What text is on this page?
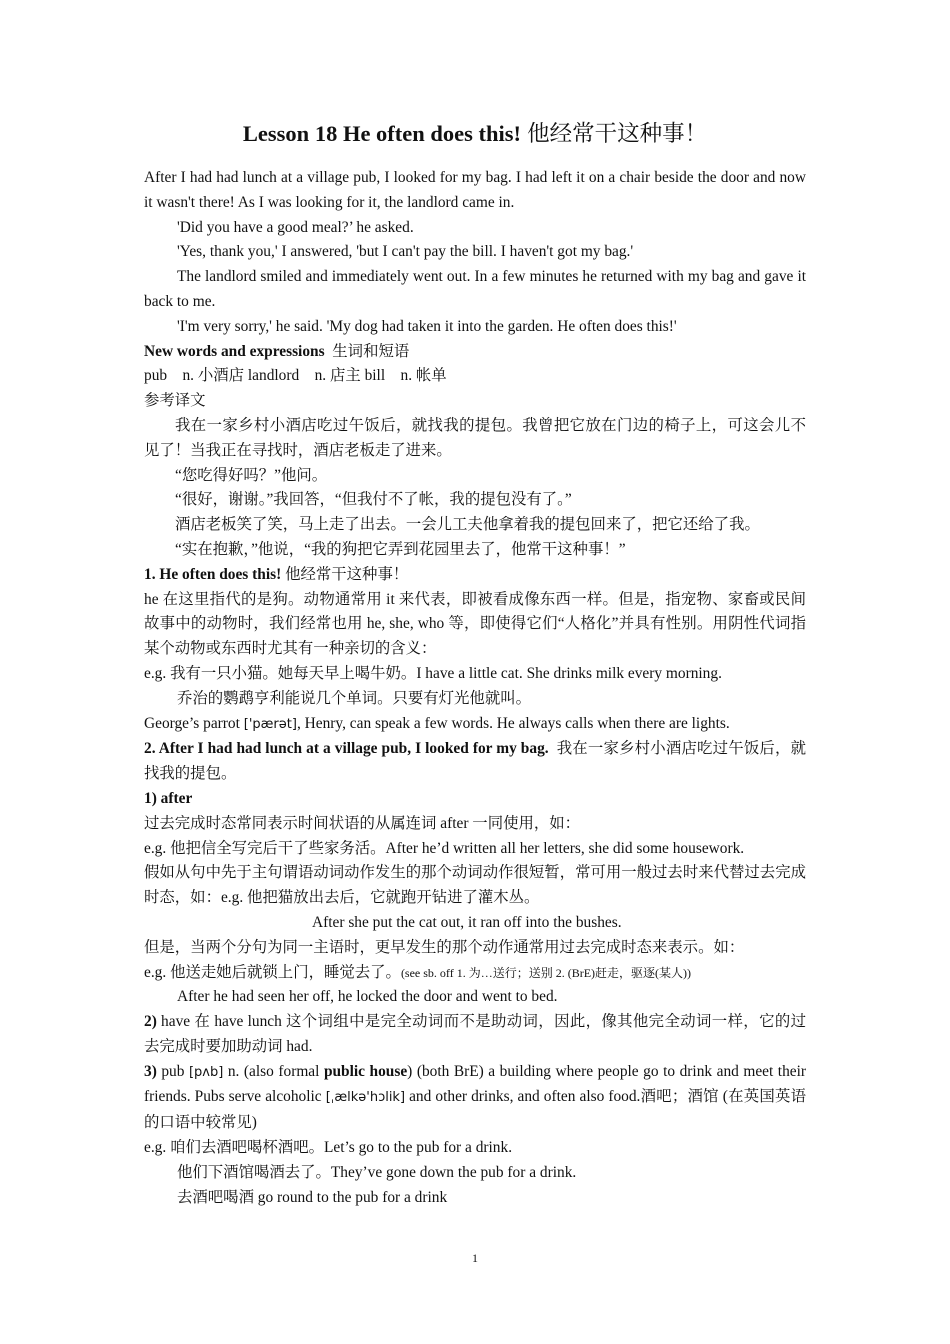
Lesson 18 He often does this! 他经常干这种事！

After I had had lunch at a village pub, I looked for my bag. I had left it on a chair beside the door and now it wasn't there! As I was looking for it, the landlord came in.

'Did you have a good meal?’ he asked.

'Yes, thank you,' I answered, 'but I can't pay the bill. I haven't got my bag.'

The landlord smiled and immediately went out. In a few minutes he returned with my bag and gave it back to me.

'I'm very sorry,' he said. 'My dog had taken it into the garden. He often does this!'

New words and expressions 生词和短语

pub　n. 小酒店 landlord　n. 店主 bill　n. 帐单

参考译文

我在一家乡村小酒店吃过午饭后，就找我的提包。我曾把它放在门边的椅子上，可这会儿不见了！当我正在寻找时，酒店老板走了进来。

“您吃得好吗？”他问。

“很好，谢谢。”我回答，“但我付不了帐，我的提包没有了。”

酒店老板笑了笑，马上走了出去。一会儿工夫他拿着我的提包回来了，把它还给了我。

“实在抱歉，”他说，“我的狗把它弄到花园里去了，他常干这种事！”

1. He often does this! 他经常干这种事！

he 在这里指代的是狗。动物通常用 it 来代表，即被看成像东西一样。但是，指宠物、家畜或民间故事中的动物时，我们经常也用 he, she, who 等，即使得它们“人格化”并具有性别。用阴性代词指某个动物或东西时尤其有一种亲切的含义：

e.g. 我有一只小猫。她每天早上喝牛奶。I have a little cat. She drinks milk every morning.

乔治的鹦鹉亨利能说几个单词。只要有灯光他就叫。

George’s parrot ['pærət], Henry, can speak a few words. He always calls when there are lights.

2. After I had had lunch at a village pub, I looked for my bag. 我在一家乡村小酒店吃过午饭后，就找我的提包。

1) after

过去完成时态常同表示时间状语的从属连词 after 一同使用，如：

e.g. 他把信全写完后干了些家务活。After he’d written all her letters, she did some housework.

假如从句中先于主句谓语动词动作发生的那个动词动作很短暂，常可用一般过去时来代替过去完成时态，如：e.g. 他把猫放出去后，它就跑开钻进了灌木丛。

After she put the cat out, it ran off into the bushes.

但是，当两个分句为同一主语时，更早发生的那个动作通常用过去完成时态来表示。如：

e.g. 他送走她后就锁上门，睡觉去了。(see sb. off 1. 为…送行；送别 2. (BrE)赶走，驱逐(某人))

After he had seen her off, he locked the door and went to bed.

2) have 在 have lunch 这个词组中是完全动词而不是助动词，因此，像其他完全动词一样，它的过去完成时要加助动词 had.

3) pub [pʌb] n. (also formal public house) (both BrE) a building where people go to drink and meet their friends. Pubs serve alcoholic [ˌælkə'hɔlik] and other drinks, and often also food.酒吧；酒馆 (在英国英语的口语中较常见)

e.g. 咱们去酒吧喝杯酒吧。Let’s go to the pub for a drink.

他们下酒馆喝酒去了。They’ve gone down the pub for a drink.

去酒吧喝酒 go round to the pub for a drink

1
